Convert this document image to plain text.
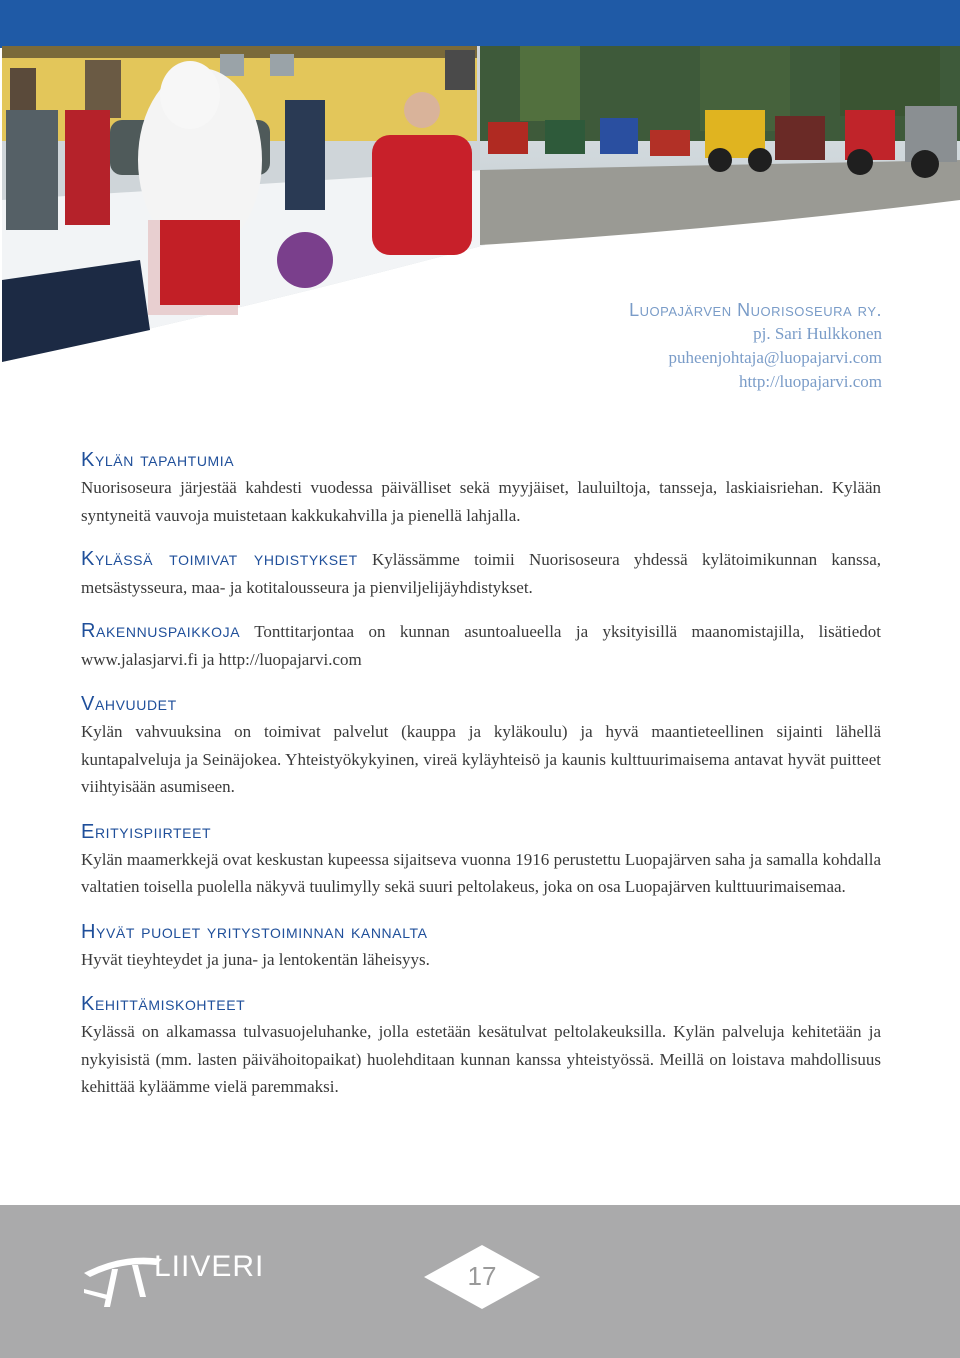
Luopajärven Nuorisoseura ry.
pj. Sari Hulkkonen
puheenjohtaja@luopajarvi.com
http://luopajarvi.com
Kylän tapahtumia
Nuorisoseura järjestää kahdesti vuodessa päivälliset sekä myyjäiset, lauluiltoja, tansseja, laskiaisriehan. Kylään syntyneitä vauvoja muistetaan kakkukahvilla ja pienellä lahjalla.
Kylässä toimivat yhdistykset Kylässämme toimii Nuorisoseura yhdessä kylätoimikunnan kanssa, metsästysseura, maa- ja kotitalousseura ja pienviljelijäyhdistykset.
Rakennuspaikkoja Tonttitarjontaa on kunnan asuntoalueella ja yksityisillä maanomistajilla, lisätiedot www.jalasjarvi.fi ja http://luopajarvi.com
Vahvuudet
Kylän vahvuuksina on toimivat palvelut (kauppa ja kyläkoulu) ja hyvä maantieteellinen sijainti lähellä kuntapalveluja ja Seinäjokea. Yhteistyökykyinen, vireä kyläyhteisö ja kaunis kulttuurimaisema antavat hyvät puitteet viihtyisään asumiseen.
Erityispiirteet
Kylän maamerkkejä ovat keskustan kupeessa sijaitseva vuonna 1916 perustettu Luopajärven saha ja samalla kohdalla valtatien toisella puolella näkyvä tuulimylly sekä suuri peltolakeus, joka on osa Luopajärven kulttuurimaisemaa.
Hyvät puolet yritystoiminnan kannalta
Hyvät tieyhteydet ja juna- ja lentokentän läheisyys.
Kehittämiskohteet
Kylässä on alkamassa tulvasuojeluhanke, jolla estetään kesätulvat peltolakeuksilla. Kylän palveluja kehitetään ja nykyisistä (mm. lasten päivähoitopaikat) huolehditaan kunnan kanssa yhteistyössä. Meillä on loistava mahdollisuus kehittää kyläämme vielä paremmaksi.
LIIVERI	17
